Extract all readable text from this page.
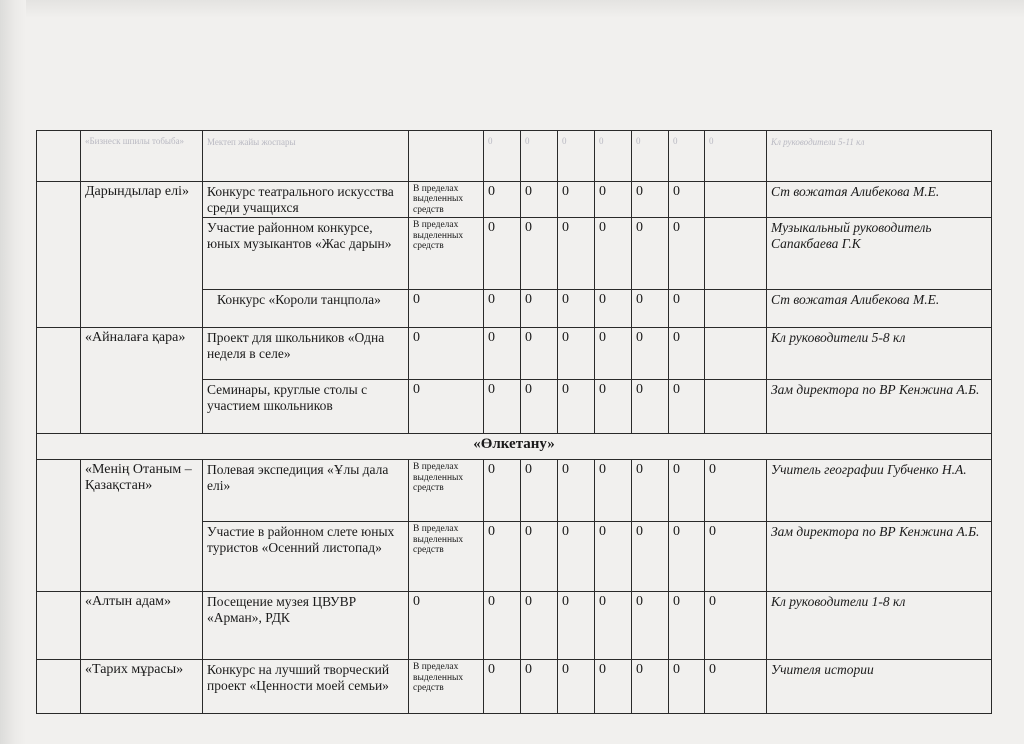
	«Бизнеск шпилы тобыба»	Мектеп жайы жоспары		0	0	0	0	0	0	0	Кл руководители 5-11 кл
	Дарындылар елі»	Конкурс театрального искусства среди учащихся	В пределах выделенных средств	0	0	0	0	0	0		Ст вожатая Алибекова М.Е.
		Участие районном конкурсе, юных музыкантов «Жас дарын»	В пределах выделенных средств	0	0	0	0	0	0		Музыкальный руководитель Сапакбаева Г.К
		Конкурс «Короли танцпола»	0	0	0	0	0	0	0		Ст вожатая Алибекова М.Е.
	«Айналаға қара»	Проект для школьников «Одна неделя в селе»	0	0	0	0	0	0	0		Кл руководители 5-8 кл
		Семинары, круглые столы с участием школьников	0	0	0	0	0	0	0		Зам директора по ВР Кенжина А.Б.
«Өлкетану»											
	«Менің Отаным – Қазақстан»	Полевая экспедиция «Ұлы дала елі»	В пределах выделенных средств	0	0	0	0	0	0	0	Учитель географии Губченко Н.А.
		Участие в районном слете юных туристов «Осенний листопад»	В пределах выделенных средств	0	0	0	0	0	0	0	Зам директора по ВР Кенжина А.Б.
	«Алтын адам»	Посещение музея ЦВУВР «Арман», РДК	0	0	0	0	0	0	0	0	Кл руководители 1-8 кл
	«Тарих мұрасы»	Конкурс на лучший творческий проект «Ценности моей семьи»	В пределах выделенных средств	0	0	0	0	0	0	0	Учителя истории
